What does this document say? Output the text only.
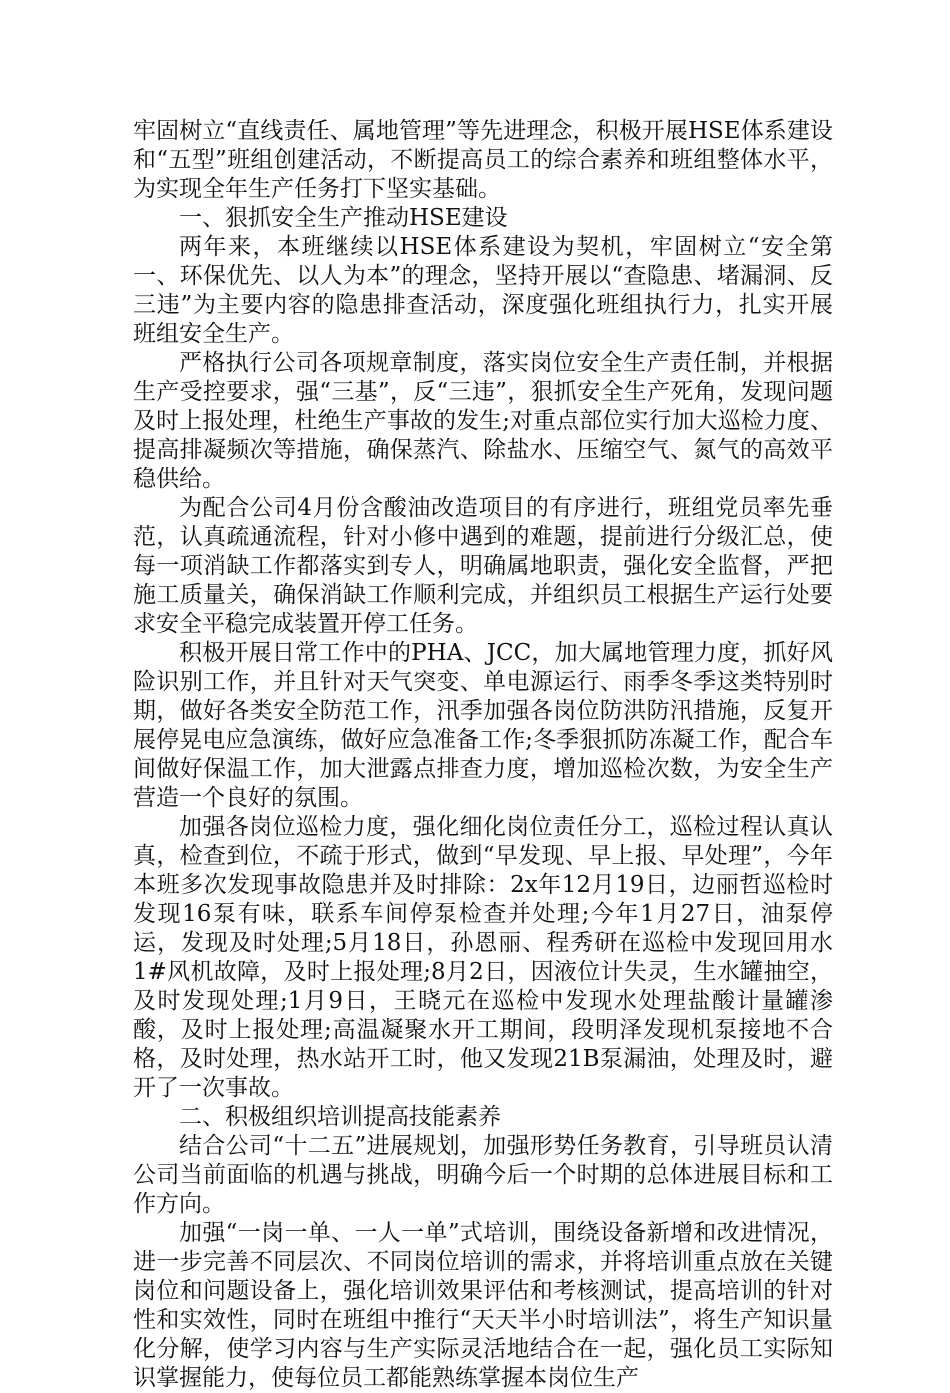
牢固树立“直线责任、属地管理”等先进理念，积极开展HSE体系建设和“五型”班组创建活动，不断提高员工的综合素养和班组整体水平，为实现全年生产任务打下坚实基础。

一、狠抓安全生产推动HSE建设

两年来，本班继续以HSE体系建设为契机，牢固树立“安全第一、环保优先、以人为本”的理念，坚持开展以“查隐患、堵漏洞、反三违”为主要内容的隐患排查活动，深度强化班组执行力，扎实开展班组安全生产。

严格执行公司各项规章制度，落实岗位安全生产责任制，并根据生产受控要求，强“三基”，反“三违”，狠抓安全生产死角，发现问题及时上报处理，杜绝生产事故的发生;对重点部位实行加大巡检力度、提高排凝频次等措施，确保蒸汽、除盐水、压缩空气、氮气的高效平稳供给。

为配合公司4月份含酸油改造项目的有序进行，班组党员率先垂范，认真疏通流程，针对小修中遇到的难题，提前进行分级汇总，使每一项消缺工作都落实到专人，明确属地职责，强化安全监督，严把施工质量关，确保消缺工作顺利完成，并组织员工根据生产运行处要求安全平稳完成装置开停工任务。

积极开展日常工作中的PHA、JCC，加大属地管理力度，抓好风险识别工作，并且针对天气突变、单电源运行、雨季冬季这类特别时期，做好各类安全防范工作，汛季加强各岗位防洪防汛措施，反复开展停晃电应急演练，做好应急准备工作;冬季狠抓防冻凝工作，配合车间做好保温工作，加大泄露点排查力度，增加巡检次数，为安全生产营造一个良好的氛围。

加强各岗位巡检力度，强化细化岗位责任分工，巡检过程认真认真，检查到位，不疏于形式，做到“早发现、早上报、早处理”，今年本班多次发现事故隐患并及时排除：2x年12月19日，边丽哲巡检时发现16泵有味，联系车间停泵检查并处理;今年1月27日，油泵停运，发现及时处理;5月18日，孙恩丽、程秀研在巡检中发现回用水1#风机故障，及时上报处理;8月2日，因液位计失灵，生水罐抽空，及时发现处理;1月9日，王晓元在巡检中发现水处理盐酸计量罐渗酸，及时上报处理;高温凝聚水开工期间，段明泽发现机泵接地不合格，及时处理，热水站开工时，他又发现21B泵漏油，处理及时，避开了一次事故。

二、积极组织培训提高技能素养

结合公司“十二五”进展规划，加强形势任务教育，引导班员认清公司当前面临的机遇与挑战，明确今后一个时期的总体进展目标和工作方向。

加强“一岗一单、一人一单”式培训，围绕设备新增和改进情况，进一步完善不同层次、不同岗位培训的需求，并将培训重点放在关键岗位和问题设备上，强化培训效果评估和考核测试，提高培训的针对性和实效性，同时在班组中推行“天天半小时培训法”，将生产知识量化分解，使学习内容与生产实际灵活地结合在一起，强化员工实际知识掌握能力，使每位员工都能熟练掌握本岗位生产
